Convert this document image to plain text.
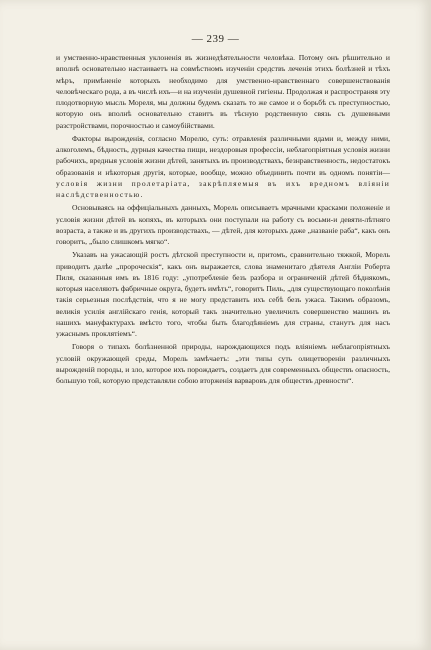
— 239 —

и умственно-нравственныя уклоненія въ жизнедѣятельности человѣка. Потому онъ рѣшительно и вполнѣ основательно настаиваетъ на совмѣстномъ изученіи средствъ леченія этихъ болѣзней и тѣхъ мѣръ, примѣненіе которыхъ необходимо для умственно-нравственнаго совершенствованія человѣческаго рода, а въ числѣ ихъ—и на изученіи душевной гигіены. Продолжая и распространяя эту плодотворную мысль Мореля, мы должны будемъ сказать то же самое и о борьбѣ съ преступностью, которую онъ вполнѣ основательно ставитъ въ тѣсную родственную связь съ душевными разстройствами, порочностью и самоубійствами.

Факторы вырожденія, согласно Морелю, суть: отравленія различными ядами и, между ними, алкоголемъ, бѣдность, дурныя качества пищи, нездоровыя профессіи, неблагопріятныя условія жизни рабочихъ, вредныя условія жизни дѣтей, занятыхъ въ производствахъ, безнравственность, недостатокъ образованія и нѣкоторыя другія, которые, вообще, можно объединить почти въ одномъ понятіи—условія жизни пролетаріата, закрѣпляемыя въ ихъ вредномъ вліяніи наслѣдственностью.

Основываясь на оффиціальныхъ данныхъ, Морель описываетъ мрачными красками положеніе и условія жизни дѣтей въ копяхъ, въ которыхъ они поступали на работу съ восьми-и девяти-лѣтняго возраста, а также и въ другихъ производствахъ, — дѣтей, для которыхъ даже „названіе раба“, какъ онъ говоритъ, „было слишкомъ мягко“.

Указавъ на ужасающій ростъ дѣтской преступности и, притомъ, сравнительно тяжкой, Морель приводитъ далѣе „пророческія“, какъ онъ выражается, слова знаменитаго дѣятеля Англіи Роберта Пиля, сказанныя имъ въ 1816 году: „употребленіе безъ разбора и ограниченій дѣтей бѣднякомъ, которыя населяютъ фабричные округа, будетъ имѣть“, говоритъ Пиль, „для существующаго поколѣнія такія серьезныя послѣдствія, что я не могу представить ихъ себѣ безъ ужаса. Такимъ образомъ, великія усилія англійскаго генія, который такъ значительно увеличилъ совершенство машинъ въ нашихъ мануфактурахъ вмѣсто того, чтобы быть благодѣяніемъ для страны, станутъ для насъ ужаснымъ проклятіемъ“.

Говоря о типахъ болѣзненной природы, нарождающихся подъ вліяніемъ неблагопріятныхъ условій окружающей среды, Морель замѣчаетъ: „эти типы суть олицетвореніи различныхъ вырожденій породы, и зло, которое ихъ порождаетъ, создаетъ для современныхъ обществъ опасность, большую той, которую представляли собою вторженія варваровъ для обществъ древности“.
